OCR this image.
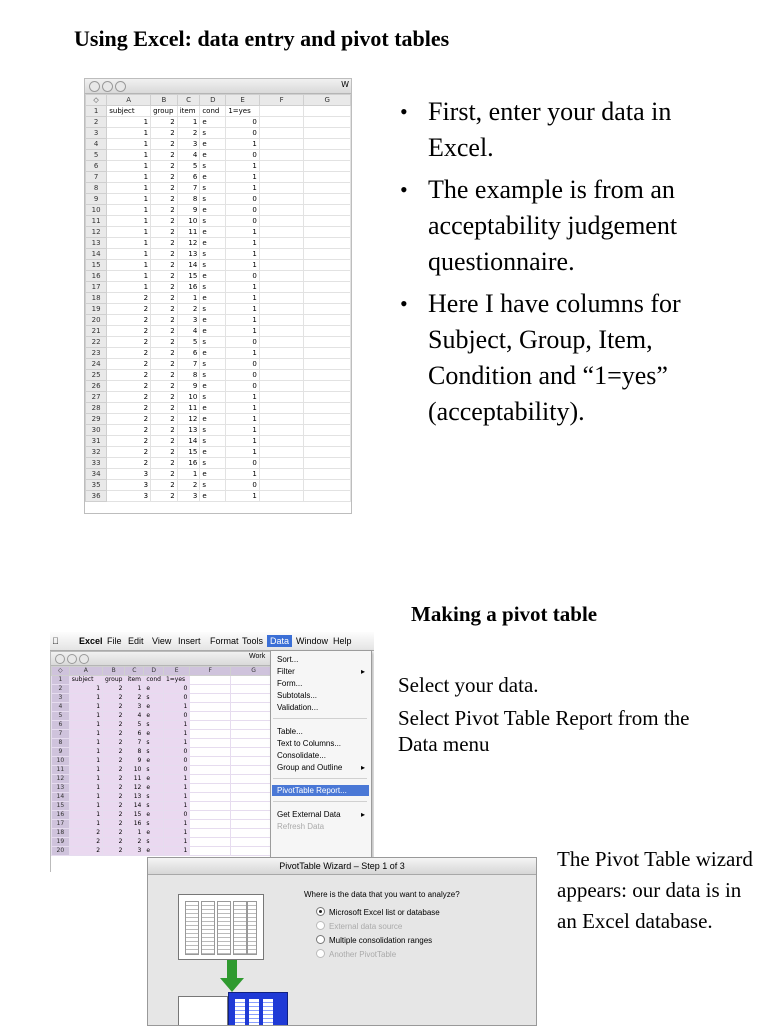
Using Excel: data entry and pivot tables
W
◇	A	B	C	D	E	F	G
1	subject	group	item	cond	1=yes		
2	1	2	1	e	0		
3	1	2	2	s	0		
4	1	2	3	e	1		
5	1	2	4	e	0		
6	1	2	5	s	1		
7	1	2	6	e	1		
8	1	2	7	s	1		
9	1	2	8	s	0		
10	1	2	9	e	0		
11	1	2	10	s	0		
12	1	2	11	e	1		
13	1	2	12	e	1		
14	1	2	13	s	1		
15	1	2	14	s	1		
16	1	2	15	e	0		
17	1	2	16	s	1		
18	2	2	1	e	1		
19	2	2	2	s	1		
20	2	2	3	e	1		
21	2	2	4	e	1		
22	2	2	5	s	0		
23	2	2	6	e	1		
24	2	2	7	s	0		
25	2	2	8	s	0		
26	2	2	9	e	0		
27	2	2	10	s	1		
28	2	2	11	e	1		
29	2	2	12	e	1		
30	2	2	13	s	1		
31	2	2	14	s	1		
32	2	2	15	e	1		
33	2	2	16	s	0		
34	3	2	1	e	1		
35	3	2	2	s	0		
36	3	2	3	e	1		
• First, enter your data in Excel.
• The example is from an acceptability judgement questionnaire.
• Here I have columns for Subject, Group, Item, Condition and “1=yes” (acceptability).
Making a pivot table
Excel File Edit View Insert Format Tools Data Window Help
Work
◇	A	B	C	D	E	F	G
1	subject	group	item	cond	1=yes		
2	1	2	1	e	0		
3	1	2	2	s	0		
4	1	2	3	e	1		
5	1	2	4	e	0		
6	1	2	5	s	1		
7	1	2	6	e	1		
8	1	2	7	s	1		
9	1	2	8	s	0		
10	1	2	9	e	0		
11	1	2	10	s	0		
12	1	2	11	e	1		
13	1	2	12	e	1		
14	1	2	13	s	1		
15	1	2	14	s	1		
16	1	2	15	e	0		
17	1	2	16	s	1		
18	2	2	1	e	1		
19	2	2	2	s	1		
20	2	2	3	e	1		
Sort...
Filter	▸
Form...
Subtotals...
Validation...
Table...
Text to Columns...
Consolidate...
Group and Outline ▸
PivotTable Report...
Get External Data	▸
Refresh Data
Select your data.
Select Pivot Table Report from the Data menu
PivotTable Wizard – Step 1 of 3
Where is the data that you want to analyze?
Microsoft Excel list or database
External data source
Multiple consolidation ranges
Another PivotTable
The Pivot Table wizard appears: our data is in an Excel database.
